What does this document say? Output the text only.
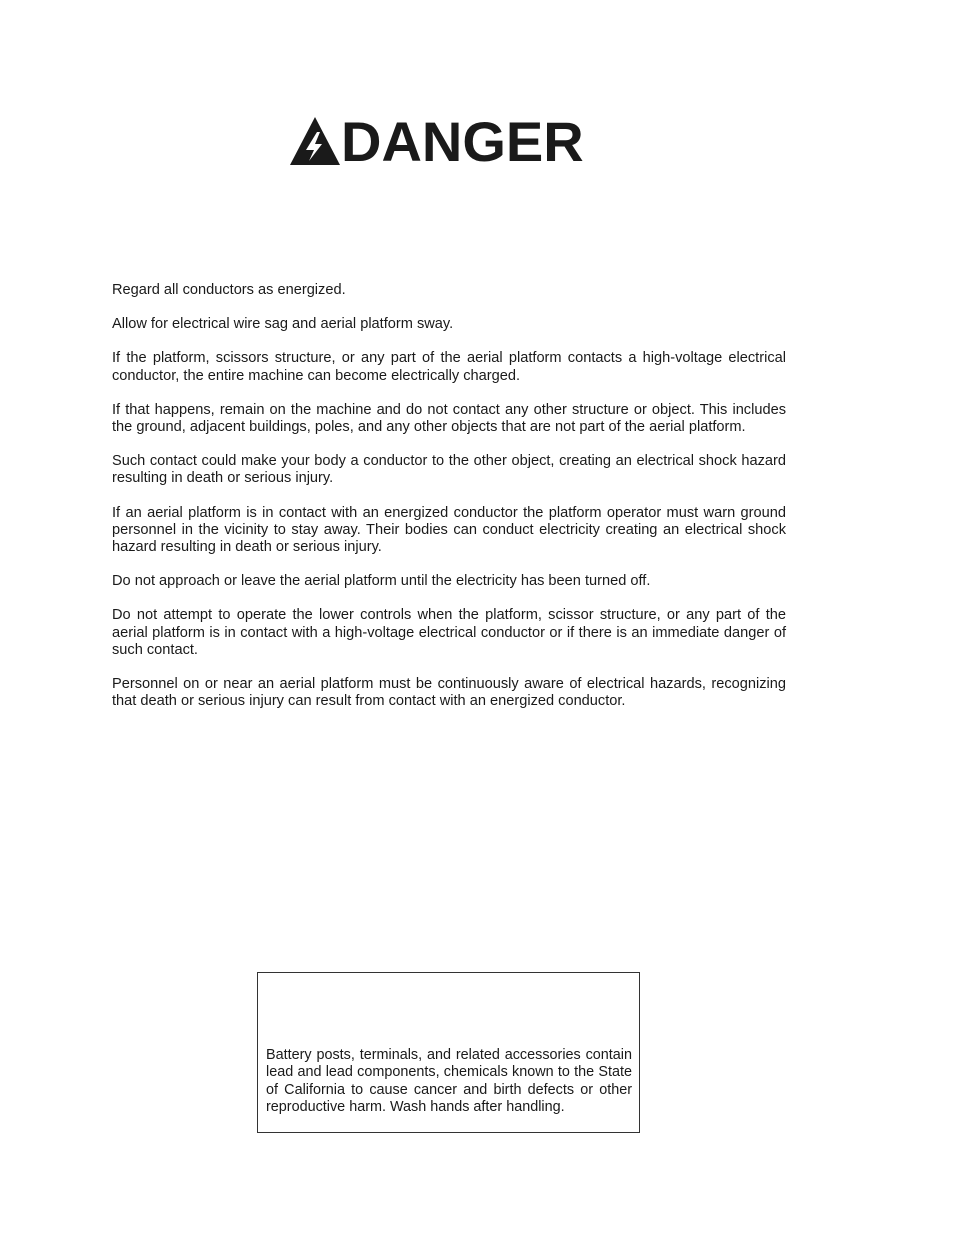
DANGER

Regard all conductors as energized.

Allow for electrical wire sag and aerial platform sway.

If the platform, scissors structure, or any part of the aerial platform contacts a high-voltage electrical conductor, the entire machine can become electrically charged.

If that happens, remain on the machine and do not contact any other structure or object. This includes the ground, adjacent buildings, poles, and any other objects that are not part of the aerial platform.

Such contact could make your body a conductor to the other object, creating an electrical shock hazard resulting in death or serious injury.

If an aerial platform is in contact with an energized conductor the platform operator must warn ground personnel in the vicinity to stay away. Their bodies can conduct electricity creating an electrical shock hazard resulting in death or serious injury.

Do not approach or leave the aerial platform until the electricity has been turned off.

Do not attempt to operate the lower controls when the platform, scissor structure, or any part of the aerial platform is in contact with a high-voltage electrical conductor or if there is an immediate danger of such contact.

Personnel on or near an aerial platform must be continuously aware of electrical hazards, recognizing that death or serious injury can result from contact with an energized conductor.

Battery posts, terminals, and related accessories contain lead and lead components, chemicals known to the State of California to cause cancer and birth defects or other reproductive harm. Wash hands after handling.
